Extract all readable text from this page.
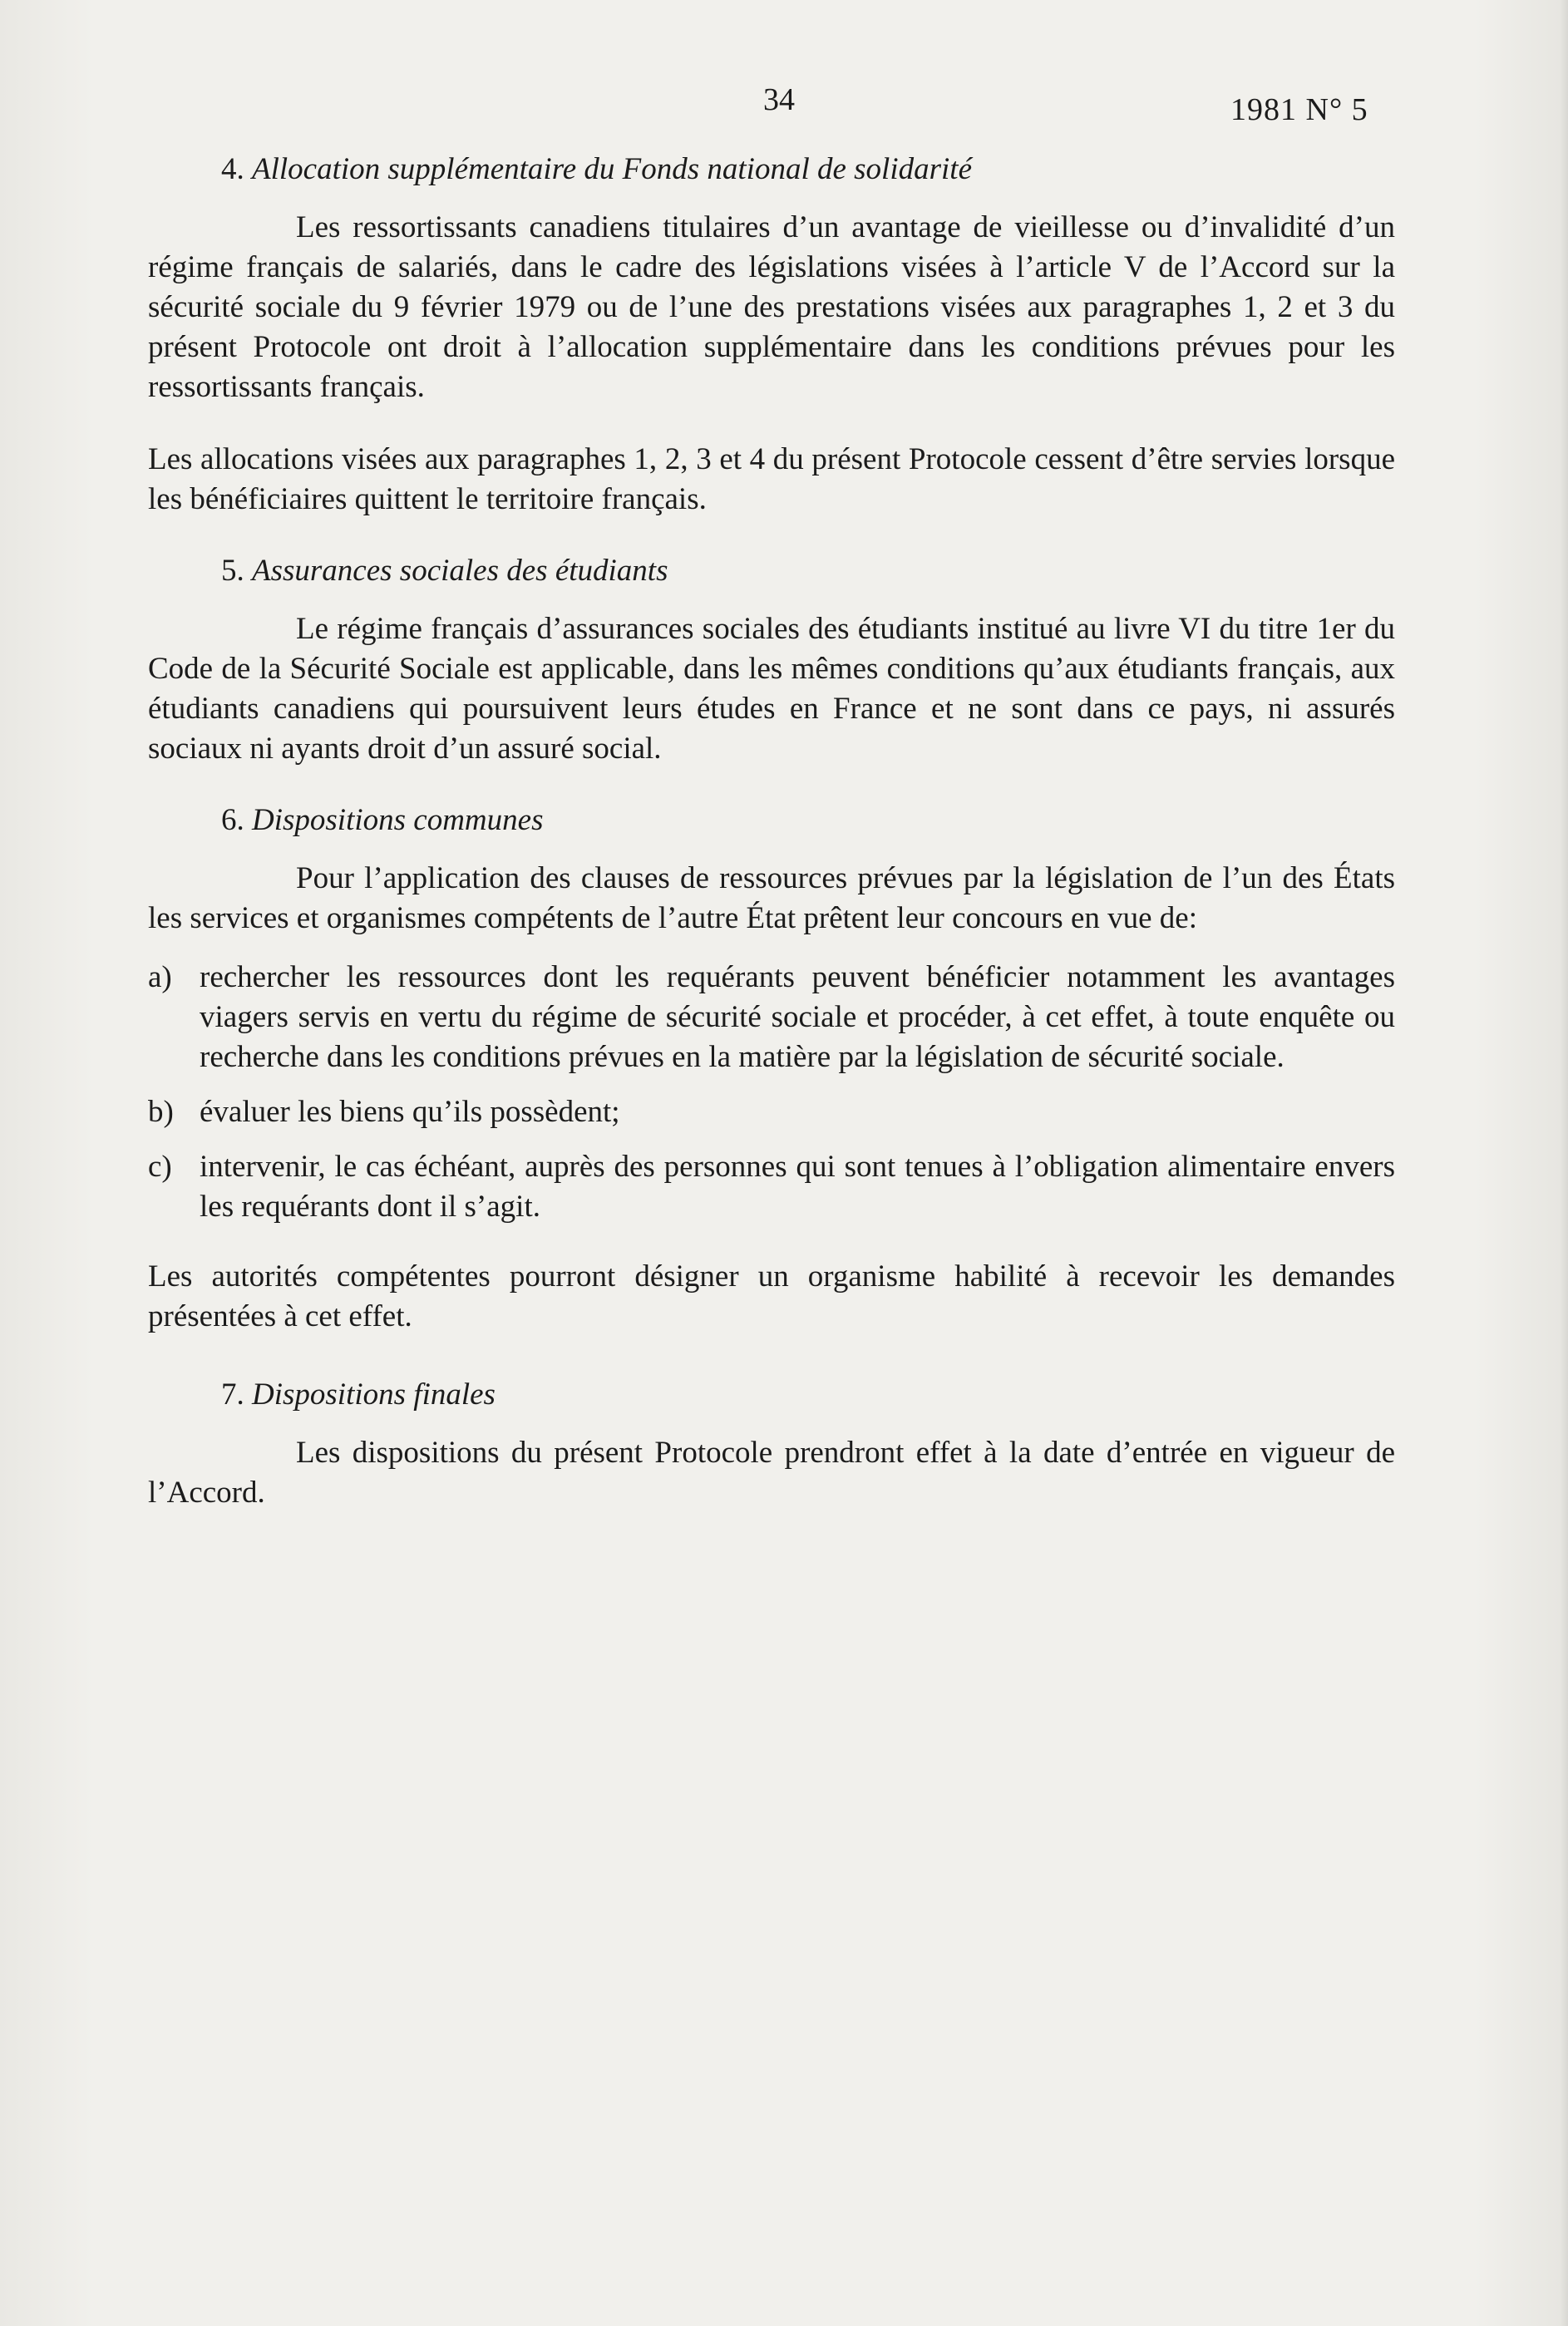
34	1981 N° 5
4. Allocation supplémentaire du Fonds national de solidarité

Les ressortissants canadiens titulaires d’un avantage de vieillesse ou d’invalidité d’un régime français de salariés, dans le cadre des législations visées à l’article V de l’Accord sur la sécurité sociale du 9 février 1979 ou de l’une des prestations visées aux paragraphes 1, 2 et 3 du présent Protocole ont droit à l’allocation supplémentaire dans les conditions prévues pour les ressortissants français.

Les allocations visées aux paragraphes 1, 2, 3 et 4 du présent Protocole cessent d’être servies lorsque les bénéficiaires quittent le territoire français.

5. Assurances sociales des étudiants

Le régime français d’assurances sociales des étudiants institué au livre VI du titre 1er du Code de la Sécurité Sociale est applicable, dans les mêmes conditions qu’aux étudiants français, aux étudiants canadiens qui poursuivent leurs études en France et ne sont dans ce pays, ni assurés sociaux ni ayants droit d’un assuré social.

6. Dispositions communes

Pour l’application des clauses de ressources prévues par la législation de l’un des États les services et organismes compétents de l’autre État prêtent leur concours en vue de:

a) rechercher les ressources dont les requérants peuvent bénéficier notamment les avantages viagers servis en vertu du régime de sécurité sociale et procéder, à cet effet, à toute enquête ou recherche dans les conditions prévues en la matière par la législation de sécurité sociale.
b) évaluer les biens qu’ils possèdent;
c) intervenir, le cas échéant, auprès des personnes qui sont tenues à l’obligation alimentaire envers les requérants dont il s’agit.

Les autorités compétentes pourront désigner un organisme habilité à recevoir les demandes présentées à cet effet.

7. Dispositions finales

Les dispositions du présent Protocole prendront effet à la date d’entrée en vigueur de l’Accord.
